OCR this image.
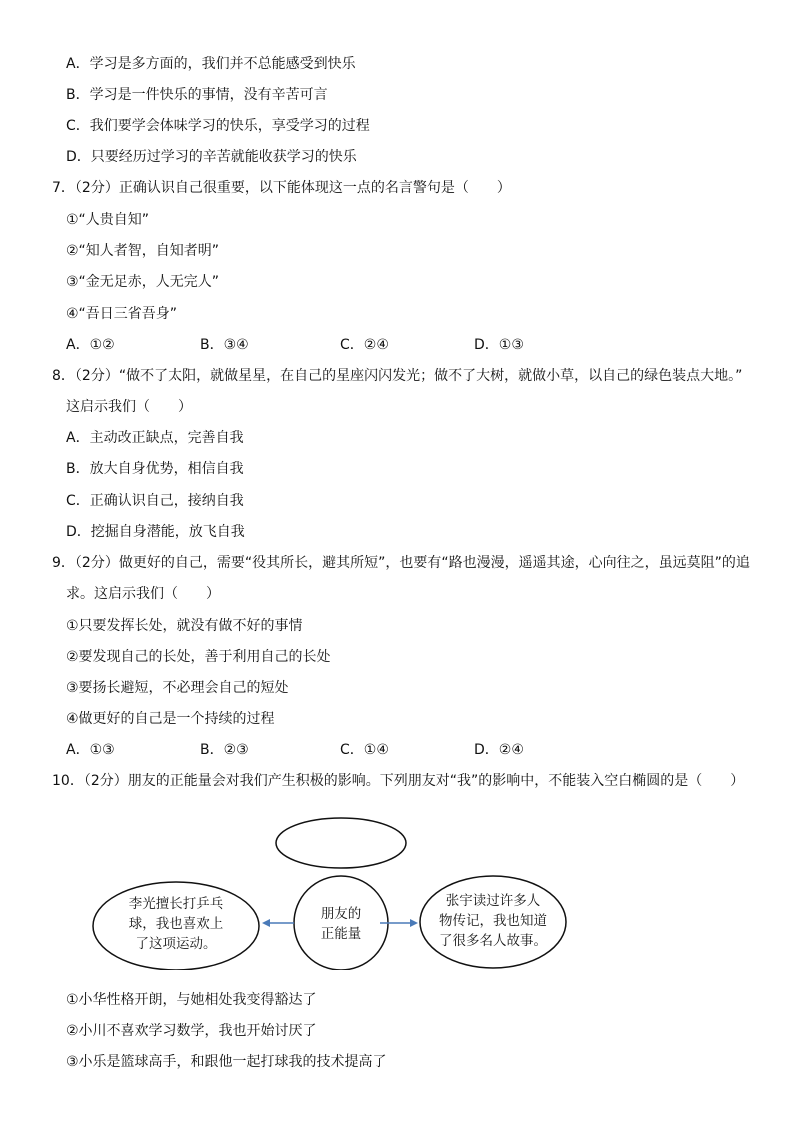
A．学习是多方面的，我们并不总能感受到快乐
B．学习是一件快乐的事情，没有辛苦可言
C．我们要学会体味学习的快乐，享受学习的过程
D．只要经历过学习的辛苦就能收获学习的快乐
7．（2分）正确认识自己很重要，以下能体现这一点的名言警句是（　　）
①“人贵自知”
②“知人者智，自知者明”
③“金无足赤，人无完人”
④“吾日三省吾身”
A．①②	B．③④	C．②④	D．①③
8．（2分）“做不了太阳，就做星星，在自己的星座闪闪发光；做不了大树，就做小草，以自己的绿色装点大地。”
这启示我们（　　）
A．主动改正缺点，完善自我
B．放大自身优势，相信自我
C．正确认识自己，接纳自我
D．挖掘自身潜能，放飞自我
9．（2分）做更好的自己，需要“役其所长，避其所短”，也要有“路也漫漫，遥遥其途，心向往之，虽远莫阻”的追
求。这启示我们（　　）
①只要发挥长处，就没有做不好的事情
②要发现自己的长处，善于利用自己的长处
③要扬长避短，不必理会自己的短处
④做更好的自己是一个持续的过程
A．①③	B．②③	C．①④	D．②④
10．（2分）朋友的正能量会对我们产生积极的影响。下列朋友对“我”的影响中，不能装入空白椭圆的是（　　）
朋友的
正能量
李光擅长打乒乓
球，我也喜欢上
了这项运动。
张宇读过许多人
物传记，我也知道
了很多名人故事。
①小华性格开朗，与她相处我变得豁达了
②小川不喜欢学习数学，我也开始讨厌了
③小乐是篮球高手，和跟他一起打球我的技术提高了
